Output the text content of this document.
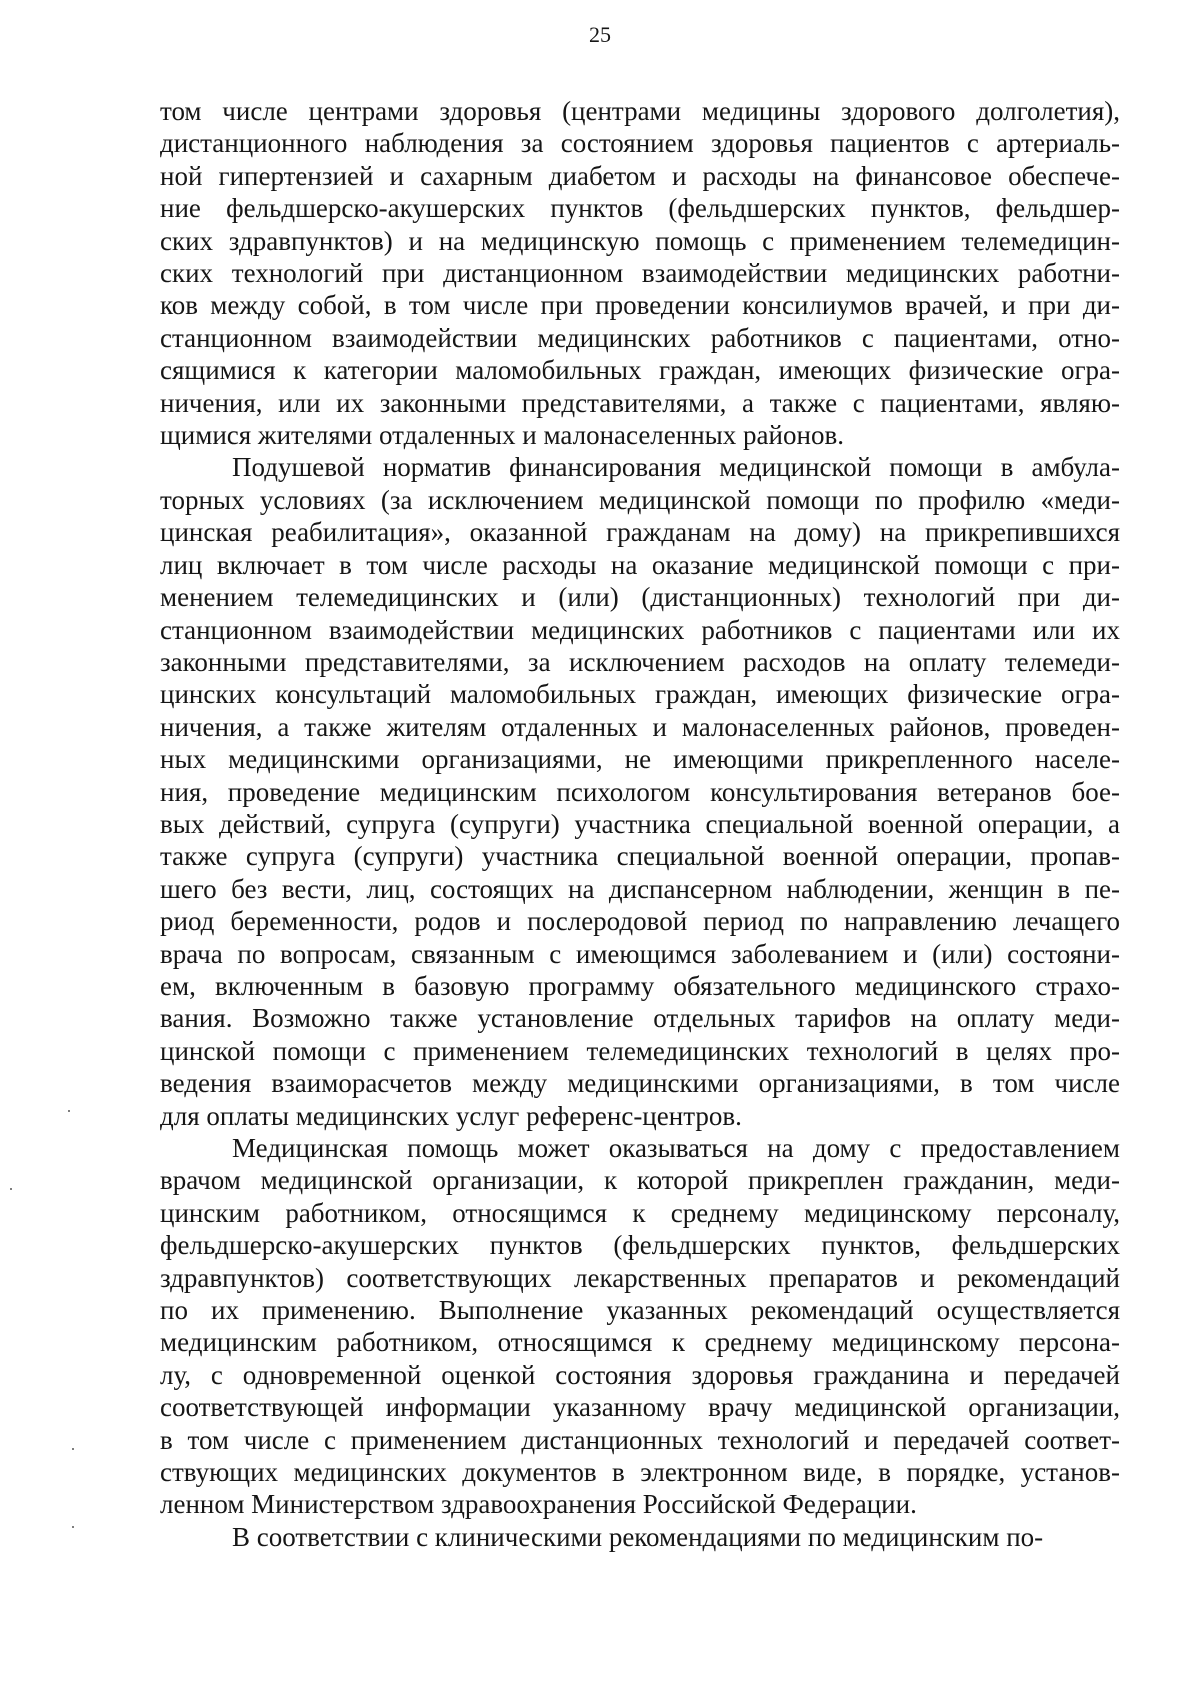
25
том числе центрами здоровья (центрами медицины здорового долголетия),
дистанционного наблюдения за состоянием здоровья пациентов с артериаль-
ной гипертензией и сахарным диабетом и расходы на финансовое обеспече-
ние фельдшерско-акушерских пунктов (фельдшерских пунктов, фельдшер-
ских здравпунктов) и на медицинскую помощь с применением телемедицин-
ских технологий при дистанционном взаимодействии медицинских работни-
ков между собой, в том числе при проведении консилиумов врачей, и при ди-
станционном взаимодействии медицинских работников с пациентами, отно-
сящимися к категории маломобильных граждан, имеющих физические огра-
ничения, или их законными представителями, а также с пациентами, являю-
щимися жителями отдаленных и малонаселенных районов.
Подушевой норматив финансирования медицинской помощи в амбула-
торных условиях (за исключением медицинской помощи по профилю «меди-
цинская реабилитация», оказанной гражданам на дому) на прикрепившихся
лиц включает в том числе расходы на оказание медицинской помощи с при-
менением телемедицинских и (или) (дистанционных) технологий при ди-
станционном взаимодействии медицинских работников с пациентами или их
законными представителями, за исключением расходов на оплату телемеди-
цинских консультаций маломобильных граждан, имеющих физические огра-
ничения, а также жителям отдаленных и малонаселенных районов, проведен-
ных медицинскими организациями, не имеющими прикрепленного населе-
ния, проведение медицинским психологом консультирования ветеранов бое-
вых действий, супруга (супруги) участника специальной военной операции, а
также супруга (супруги) участника специальной военной операции, пропав-
шего без вести, лиц, состоящих на диспансерном наблюдении, женщин в пе-
риод беременности, родов и послеродовой период по направлению лечащего
врача по вопросам, связанным с имеющимся заболеванием и (или) состояни-
ем, включенным в базовую программу обязательного медицинского страхо-
вания. Возможно также установление отдельных тарифов на оплату меди-
цинской помощи с применением телемедицинских технологий в целях про-
ведения взаиморасчетов между медицинскими организациями, в том числе
для оплаты медицинских услуг референс-центров.
Медицинская помощь может оказываться на дому с предоставлением
врачом медицинской организации, к которой прикреплен гражданин, меди-
цинским работником, относящимся к среднему медицинскому персоналу,
фельдшерско-акушерских пунктов (фельдшерских пунктов, фельдшерских
здравпунктов) соответствующих лекарственных препаратов и рекомендаций
по их применению. Выполнение указанных рекомендаций осуществляется
медицинским работником, относящимся к среднему медицинскому персона-
лу, с одновременной оценкой состояния здоровья гражданина и передачей
соответствующей информации указанному врачу медицинской организации,
в том числе с применением дистанционных технологий и передачей соответ-
ствующих медицинских документов в электронном виде, в порядке, установ-
ленном Министерством здравоохранения Российской Федерации.
В соответствии с клиническими рекомендациями по медицинским по-
